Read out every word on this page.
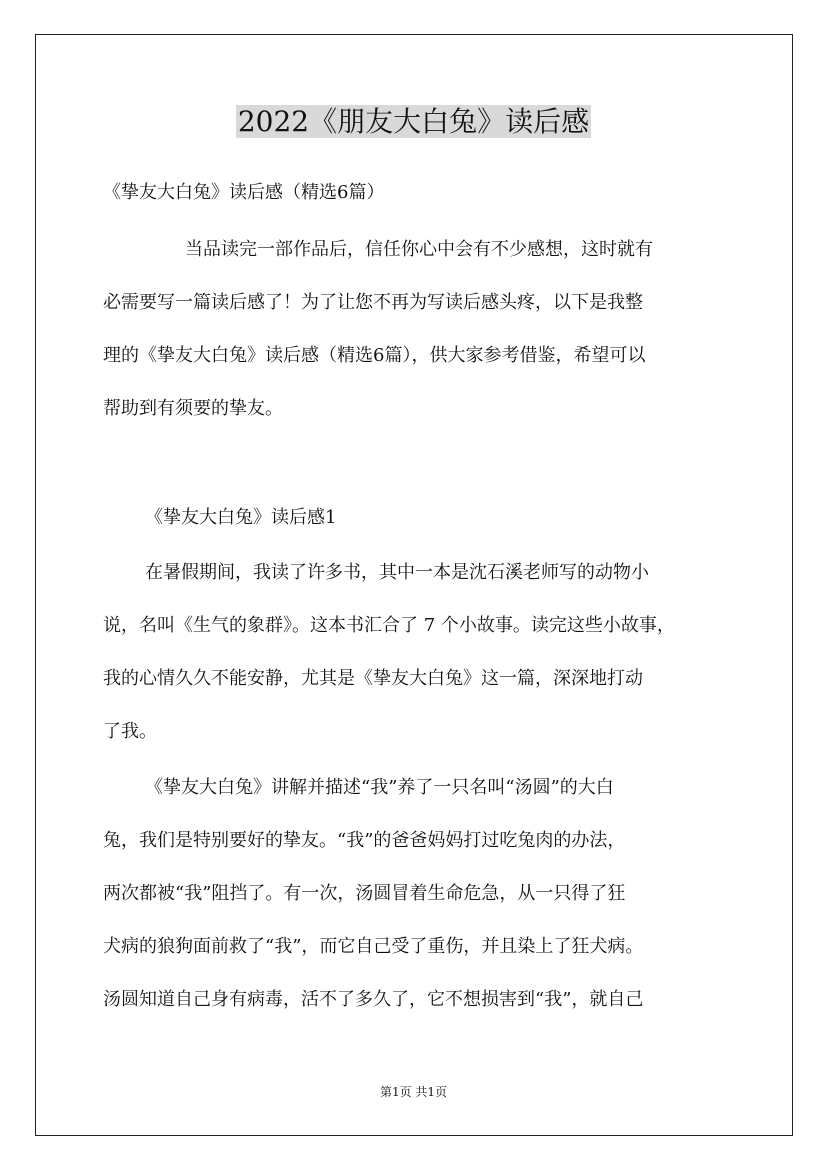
2022《朋友大白兔》读后感
《挚友大白兔》读后感（精选6篇）
当品读完一部作品后，信任你心中会有不少感想，这时就有
必需要写一篇读后感了！为了让您不再为写读后感头疼，以下是我整
理的《挚友大白兔》读后感（精选6篇），供大家参考借鉴，希望可以
帮助到有须要的挚友。
《挚友大白兔》读后感1
在暑假期间，我读了许多书，其中一本是沈石溪老师写的动物小
说，名叫《生气的象群》。这本书汇合了 7 个小故事。读完这些小故事，
我的心情久久不能安静，尤其是《挚友大白兔》这一篇，深深地打动
了我。
《挚友大白兔》讲解并描述“我”养了一只名叫“汤圆”的大白
兔，我们是特别要好的挚友。“我”的爸爸妈妈打过吃兔肉的办法，
两次都被“我”阻挡了。有一次，汤圆冒着生命危急，从一只得了狂
犬病的狼狗面前救了“我”，而它自己受了重伤，并且染上了狂犬病。
汤圆知道自己身有病毒，活不了多久了，它不想损害到“我”，就自己
第1页 共1页
